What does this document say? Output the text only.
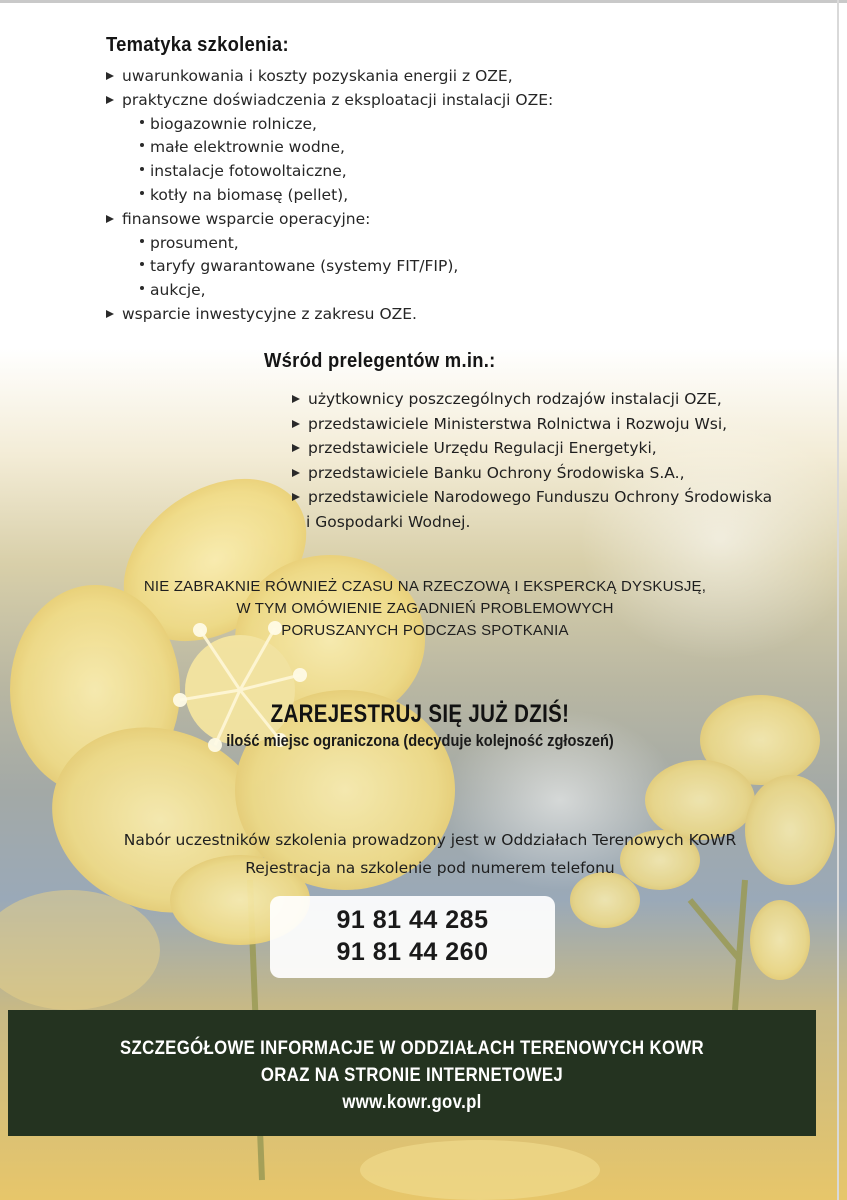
Tematyka szkolenia:
uwarunkowania i koszty pozyskania energii z OZE,
praktyczne doświadczenia z eksploatacji instalacji OZE:
biogazownie rolnicze,
małe elektrownie wodne,
instalacje fotowoltaiczne,
kotły na biomasę (pellet),
finansowe wsparcie operacyjne:
prosument,
taryfy gwarantowane (systemy FIT/FIP),
aukcje,
wsparcie inwestycyjne z zakresu OZE.
Wśród prelegentów m.in.:
użytkownicy poszczególnych rodzajów instalacji OZE,
przedstawiciele Ministerstwa Rolnictwa i Rozwoju Wsi,
przedstawiciele Urzędu Regulacji Energetyki,
przedstawiciele Banku Ochrony Środowiska S.A.,
przedstawiciele Narodowego Funduszu Ochrony Środowiska
i Gospodarki Wodnej.
NIE ZABRAKNIE RÓWNIEŻ CZASU NA RZECZOWĄ I EKSPERCKĄ DYSKUSJĘ,
W TYM OMÓWIENIE ZAGADNIEŃ PROBLEMOWYCH
PORUSZANYCH PODCZAS SPOTKANIA
ZAREJESTRUJ SIĘ JUŻ DZIŚ!
ilość miejsc ograniczona (decyduje kolejność zgłoszeń)
Nabór uczestników szkolenia prowadzony jest w Oddziałach Terenowych KOWR
Rejestracja na szkolenie pod numerem telefonu
91 81 44 285
91 81 44 260
SZCZEGÓŁOWE INFORMACJE W ODDZIAŁACH TERENOWYCH KOWR
ORAZ NA STRONIE INTERNETOWEJ
www.kowr.gov.pl
